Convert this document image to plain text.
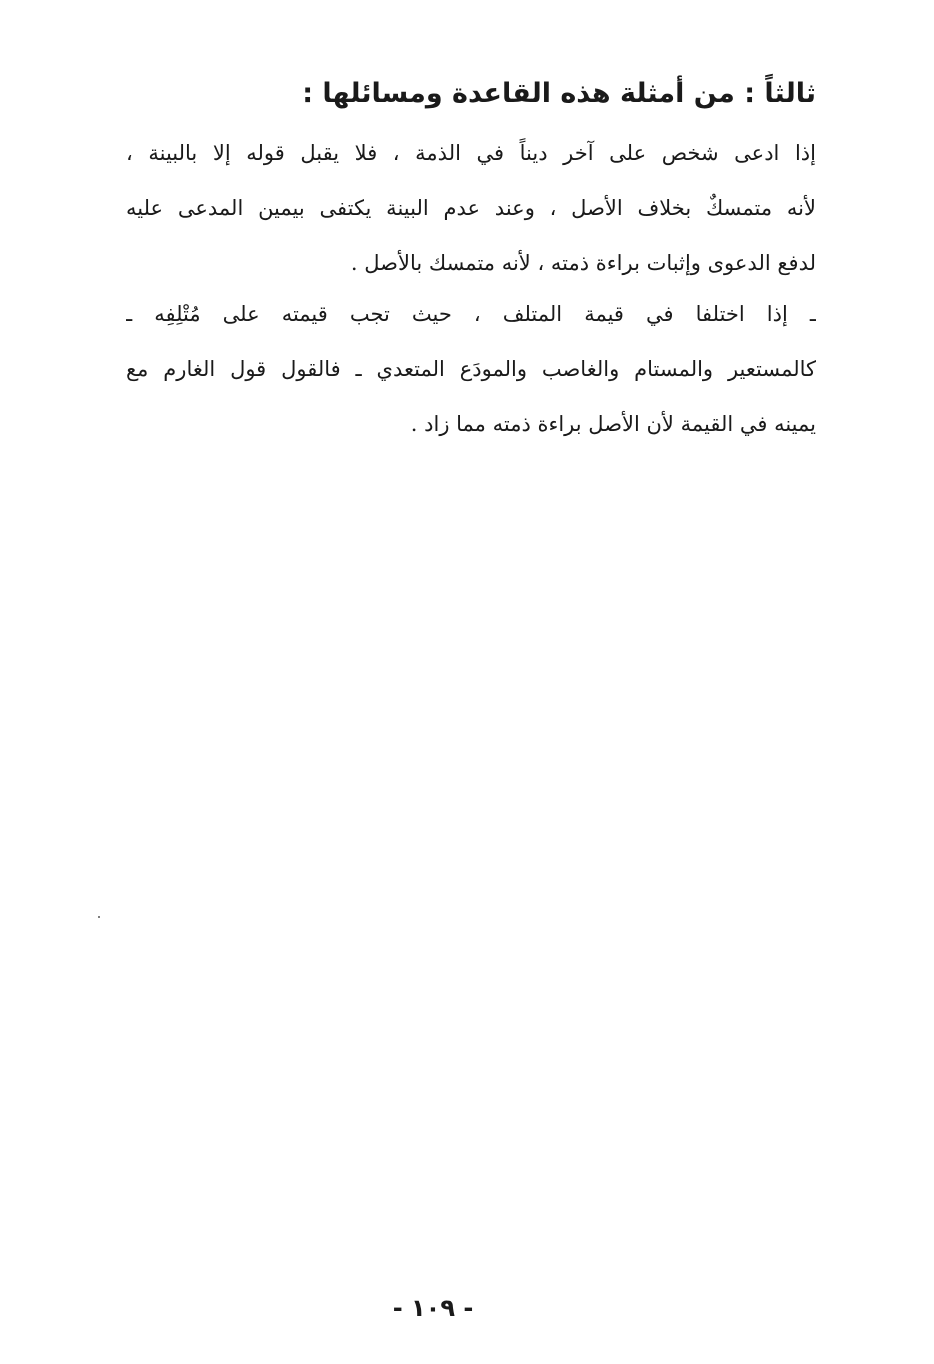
ثالثاً : من أمثلة هذه القاعدة ومسائلها :
إذا ادعى شخص على آخر ديناً في الذمة ، فلا يقبل قوله إلا بالبينة ،
لأنه متمسكٌ بخلاف الأصل ، وعند عدم البينة يكتفى بيمين المدعى عليه
لدفع الدعوى وإثبات براءة ذمته ، لأنه متمسك بالأصل .
ـ إذا اختلفا في قيمة المتلف ، حيث تجب قيمته على مُتْلِفِه ـ
كالمستعير والمستام والغاصب والمودَع المتعدي ـ فالقول قول الغارم مع
يمينه في القيمة لأن الأصل براءة ذمته مما زاد .
- ١٠٩ -
